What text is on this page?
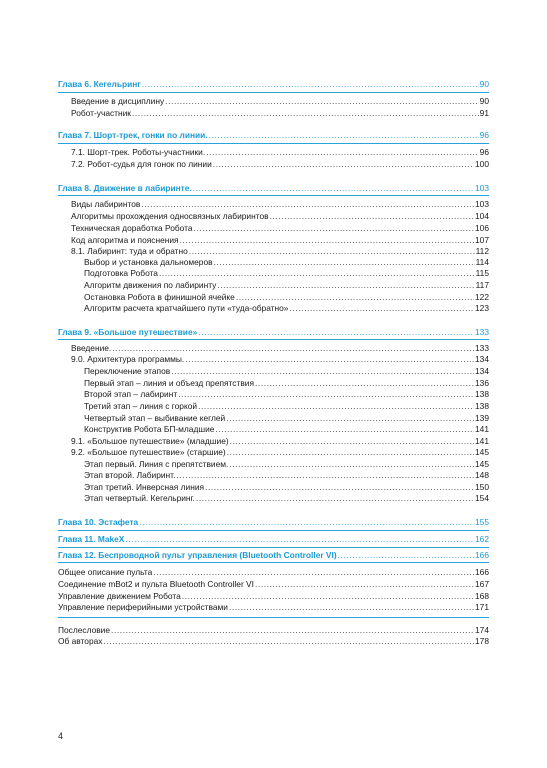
Глава 6. Кегельринг .....	90
Введение в дисциплину .....	90
Робот-участник .....	91
Глава 7. Шорт-трек, гонки по линии. .....	96
7.1. Шорт-трек. Роботы-участники. .....	96
7.2. Робот-судья для гонок по линии .....	100
Глава 8. Движение в лабиринте. .....	103
Виды лабиринтов .....	103
Алгоритмы прохождения односвязных лабиринтов .....	104
Техническая доработка Робота .....	106
Код алгоритма и пояснения .....	107
8.1. Лабиринт: туда и обратно .....	112
Выбор и установка дальномеров .....	114
Подготовка Робота .....	115
Алгоритм движения по лабиринту .....	117
Остановка Робота в финишной ячейке .....	122
Алгоритм расчета кратчайшего пути «туда-обратно» .....	123
Глава 9. «Большое путешествие» .....	133
Введение. .....	133
9.0. Архитектура программы. .....	134
Переключение этапов .....	134
Первый этап – линия и объезд препятствия .....	136
Второй этап – лабиринт .....	138
Третий этап – линия с горкой .....	138
Четвертый этап – выбивание кеглей .....	139
Конструктив Робота БП-младшие .....	141
9.1. «Большое путешествие» (младшие) .....	141
9.2. «Большое путешествие» (старшие) .....	145
Этап первый. Линия с препятствием. .....	145
Этап второй. Лабиринт. .....	148
Этап третий. Инверсная линия .....	150
Этап четвертый. Кегельринг. .....	154
Глава 10. Эстафета .....	155
Глава 11. MakeX .....	162
Глава 12. Беспроводной пульт управления (Bluetooth Controller VI) .....	166
Общее описание пульта .....	166
Соединение mBot2 и пульта Bluetooth Controller VI .....	167
Управление движением Робота .....	168
Управление периферийными устройствами .....	171
Послесловие .....	174
Об авторах .....	178
4
